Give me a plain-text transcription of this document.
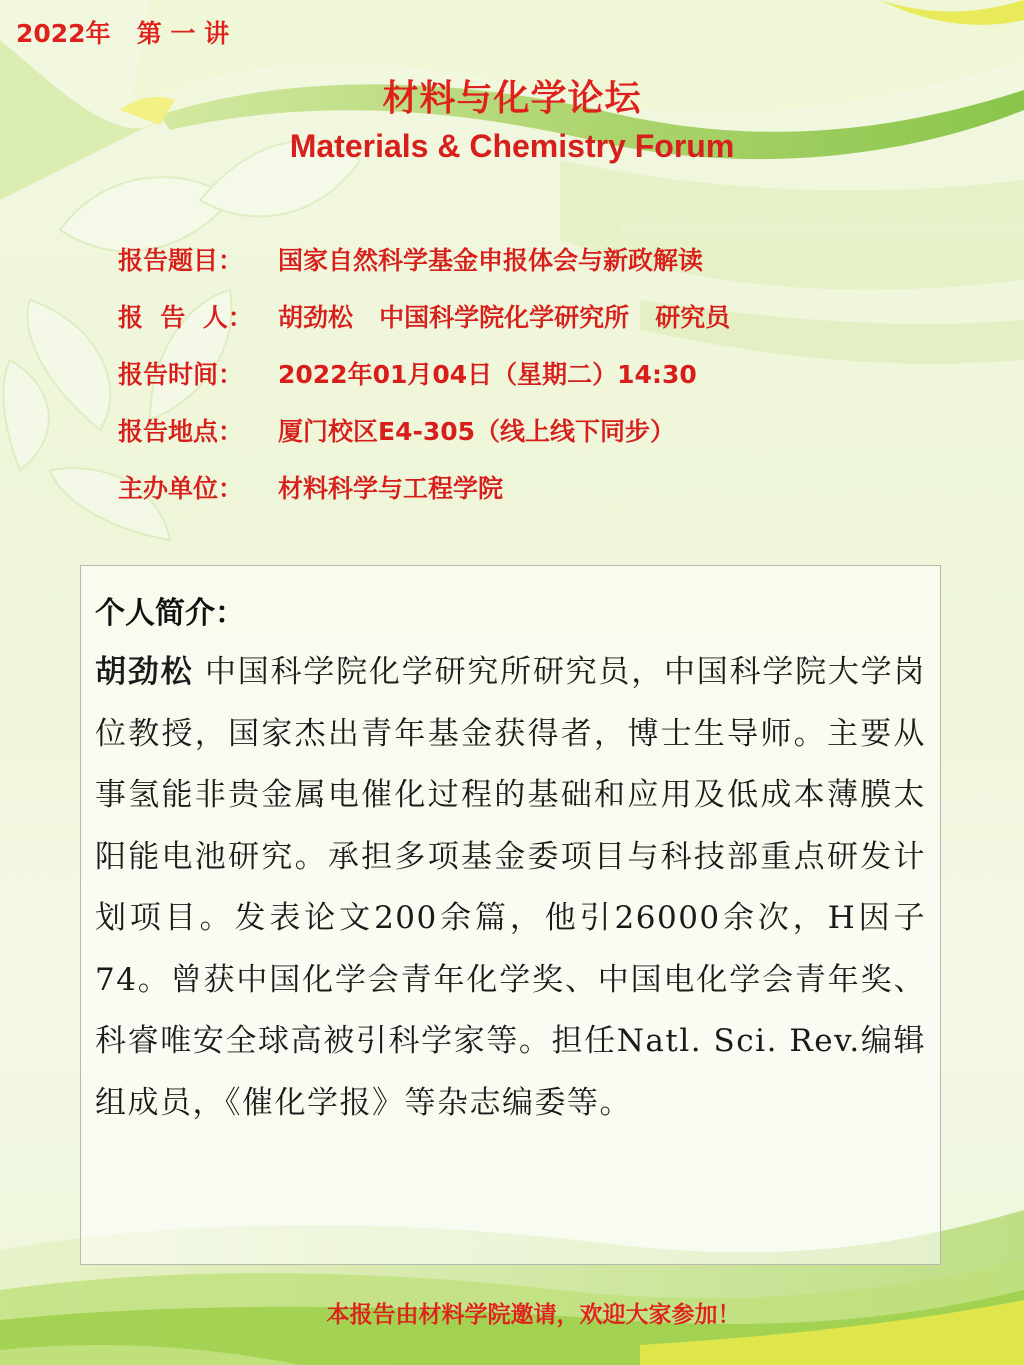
2022年   第 一 讲
材料与化学论坛
Materials & Chemistry Forum
报告题目：	国家自然科学基金申报体会与新政解读
报  告  人：	胡劲松   中国科学院化学研究所   研究员
报告时间：	2022年01月04日（星期二）14:30
报告地点：	厦门校区E4-305（线上线下同步）
主办单位：	材料科学与工程学院
个人简介：
胡劲松 中国科学院化学研究所研究员，中国科学院大学岗位教授，国家杰出青年基金获得者，博士生导师。主要从事氢能非贵金属电催化过程的基础和应用及低成本薄膜太阳能电池研究。承担多项基金委项目与科技部重点研发计划项目。发表论文200余篇，他引26000余次，H因子74。曾获中国化学会青年化学奖、中国电化学会青年奖、科睿唯安全球高被引科学家等。担任Natl. Sci. Rev.编辑组成员，《催化学报》等杂志编委等。
本报告由材料学院邀请，欢迎大家参加！
